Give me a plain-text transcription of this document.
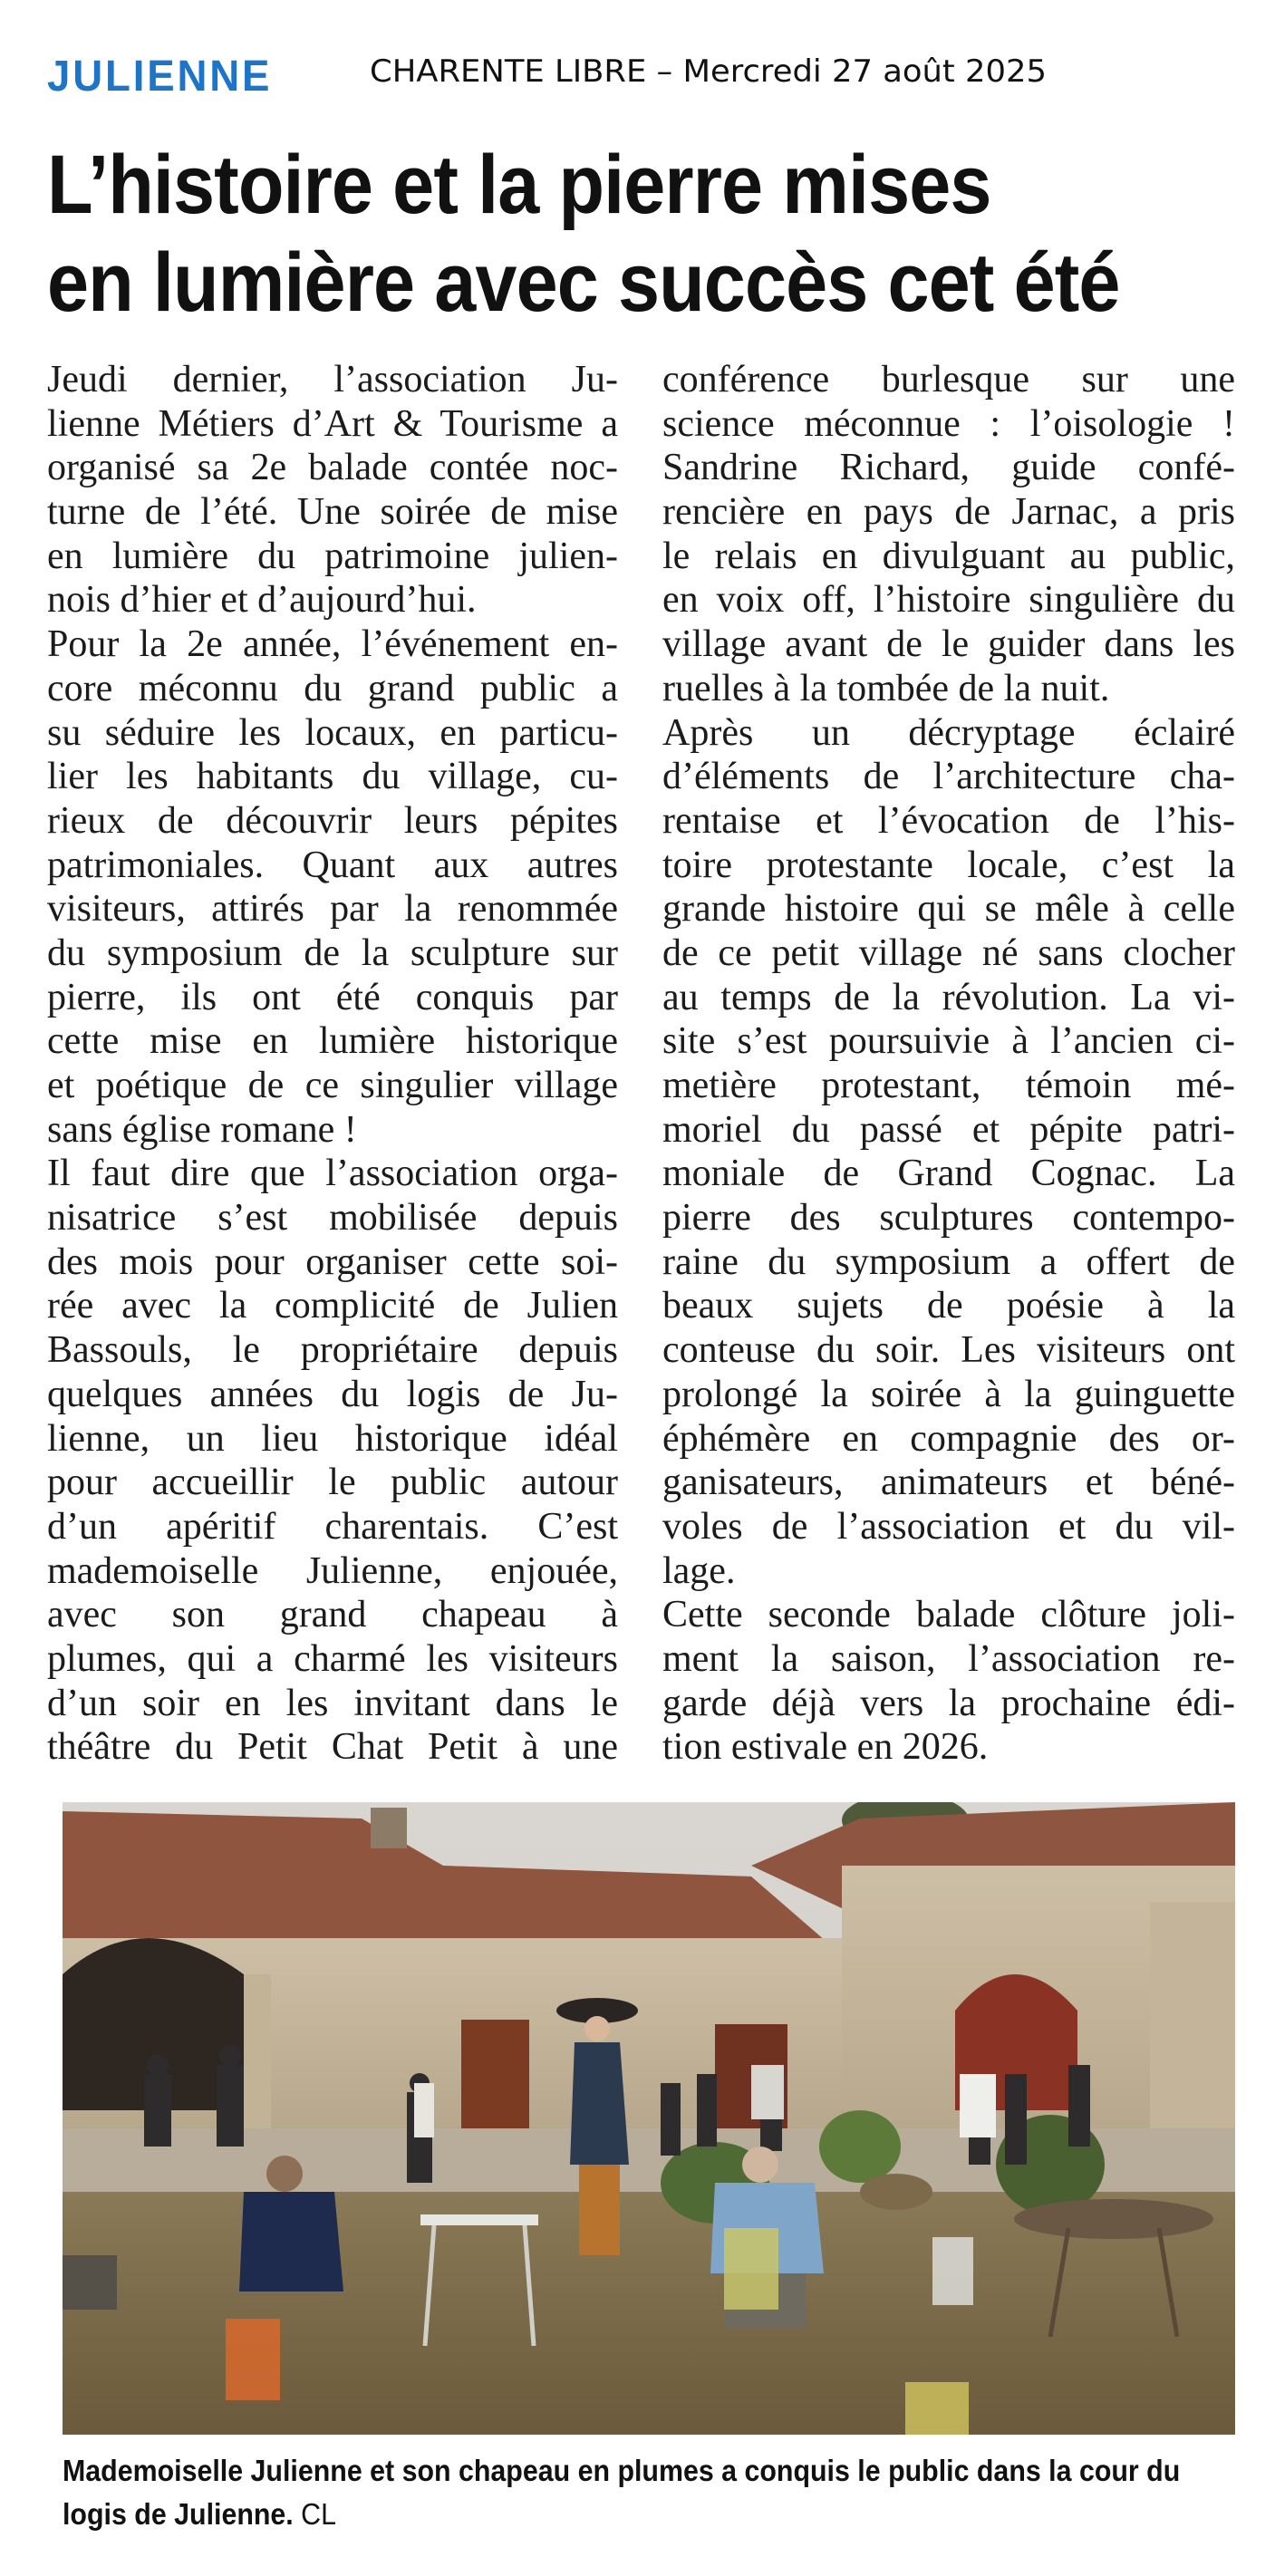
JULIENNE	CHARENTE LIBRE – Mercredi 27 août 2025
L’histoire et la pierre mises
en lumière avec succès cet été
Jeudi dernier, l’association Ju-
lienne Métiers d’Art & Tourisme a
organisé sa 2e balade contée noc-
turne de l’été. Une soirée de mise
en lumière du patrimoine julien-
nois d’hier et d’aujourd’hui.
Pour la 2e année, l’événement en-
core méconnu du grand public a
su séduire les locaux, en particu-
lier les habitants du village, cu-
rieux de découvrir leurs pépites
patrimoniales. Quant aux autres
visiteurs, attirés par la renommée
du symposium de la sculpture sur
pierre, ils ont été conquis par
cette mise en lumière historique
et poétique de ce singulier village
sans église romane !
Il faut dire que l’association orga-
nisatrice s’est mobilisée depuis
des mois pour organiser cette soi-
rée avec la complicité de Julien
Bassouls, le propriétaire depuis
quelques années du logis de Ju-
lienne, un lieu historique idéal
pour accueillir le public autour
d’un apéritif charentais. C’est
mademoiselle Julienne, enjouée,
avec son grand chapeau à
plumes, qui a charmé les visiteurs
d’un soir en les invitant dans le
théâtre du Petit Chat Petit à une
conférence burlesque sur une
science méconnue : l’oisologie !
Sandrine Richard, guide confé-
rencière en pays de Jarnac, a pris
le relais en divulguant au public,
en voix off, l’histoire singulière du
village avant de le guider dans les
ruelles à la tombée de la nuit.
Après un décryptage éclairé
d’éléments de l’architecture cha-
rentaise et l’évocation de l’his-
toire protestante locale, c’est la
grande histoire qui se mêle à celle
de ce petit village né sans clocher
au temps de la révolution. La vi-
site s’est poursuivie à l’ancien ci-
metière protestant, témoin mé-
moriel du passé et pépite patri-
moniale de Grand Cognac. La
pierre des sculptures contempo-
raine du symposium a offert de
beaux sujets de poésie à la
conteuse du soir. Les visiteurs ont
prolongé la soirée à la guinguette
éphémère en compagnie des or-
ganisateurs, animateurs et béné-
voles de l’association et du vil-
lage.
Cette seconde balade clôture joli-
ment la saison, l’association re-
garde déjà vers la prochaine édi-
tion estivale en 2026.
Mademoiselle Julienne et son chapeau en plumes a conquis le public dans la cour du
logis de Julienne. CL
